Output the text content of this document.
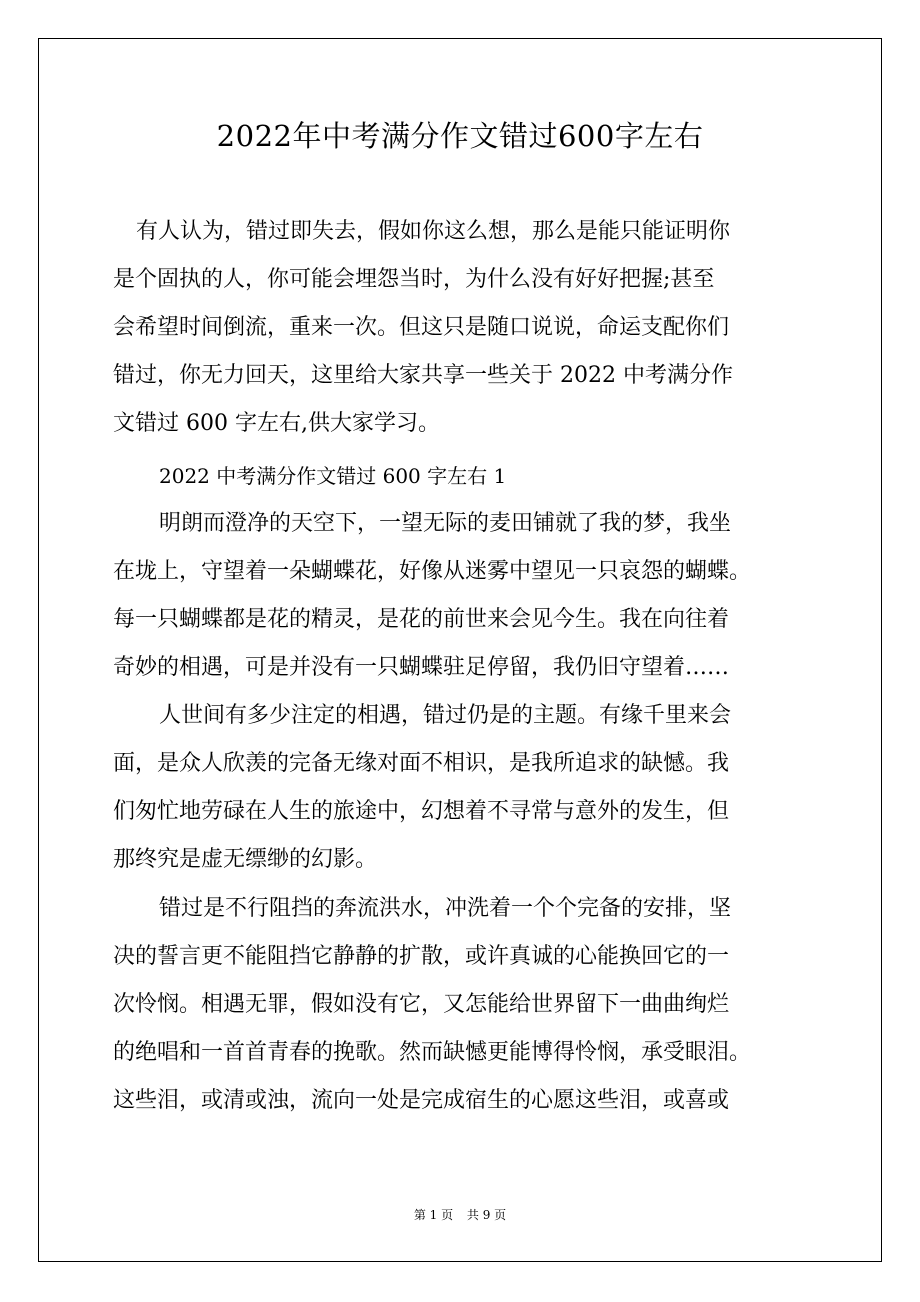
2022年中考满分作文错过600字左右
有人认为，错过即失去，假如你这么想，那么是能只能证明你
是个固执的人，你可能会埋怨当时，为什么没有好好把握;甚至
会希望时间倒流，重来一次。但这只是随口说说，命运支配你们
错过，你无力回天，这里给大家共享一些关于 2022 中考满分作
文错过 600 字左右,供大家学习。
2022 中考满分作文错过 600 字左右 1
明朗而澄净的天空下，一望无际的麦田铺就了我的梦，我坐
在垅上，守望着一朵蝴蝶花，好像从迷雾中望见一只哀怨的蝴蝶。
每一只蝴蝶都是花的精灵，是花的前世来会见今生。我在向往着
奇妙的相遇，可是并没有一只蝴蝶驻足停留，我仍旧守望着……
人世间有多少注定的相遇，错过仍是的主题。有缘千里来会
面，是众人欣羡的完备无缘对面不相识，是我所追求的缺憾。我
们匆忙地劳碌在人生的旅途中，幻想着不寻常与意外的发生，但
那终究是虚无缥缈的幻影。
错过是不行阻挡的奔流洪水，冲洗着一个个完备的安排，坚
决的誓言更不能阻挡它静静的扩散，或许真诚的心能换回它的一
次怜悯。相遇无罪，假如没有它，又怎能给世界留下一曲曲绚烂
的绝唱和一首首青春的挽歌。然而缺憾更能博得怜悯，承受眼泪。
这些泪，或清或浊，流向一处是完成宿生的心愿这些泪，或喜或
第 1 页 共 9 页
